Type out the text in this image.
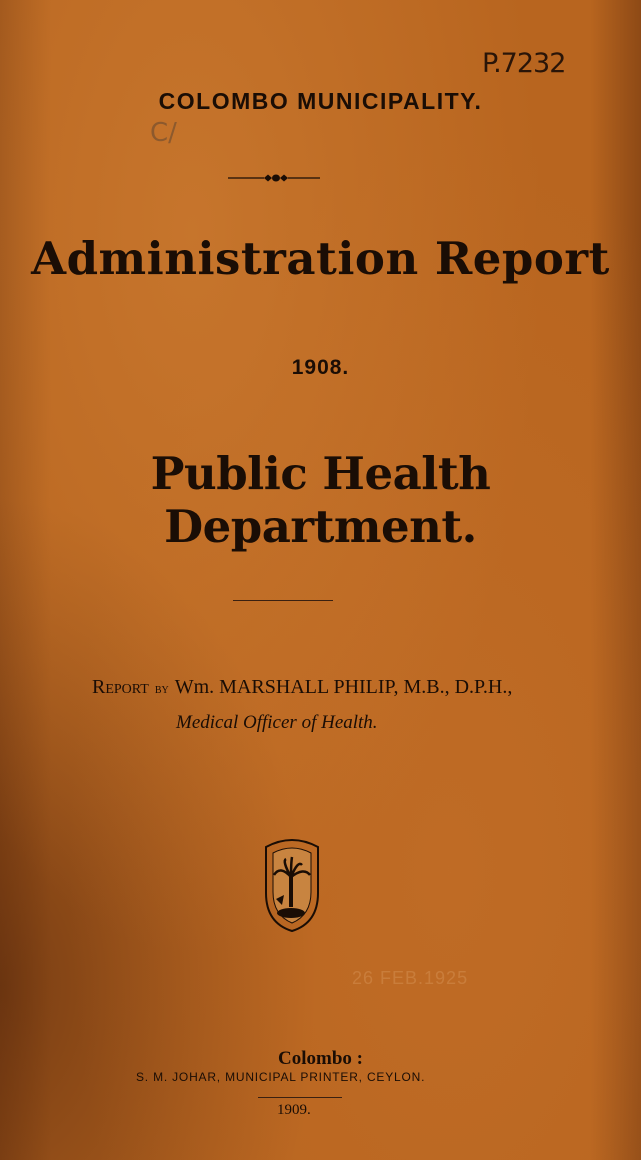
P.7232
COLOMBO MUNICIPALITY.
C/
Administration Report
1908.
Public Health Department.
Report by Wm. MARSHALL PHILIP, M.B., D.P.H.,
Medical Officer of Health.
26 FEB.1925
Colombo :
S. M. JOHAR, MUNICIPAL PRINTER, CEYLON.
1909.
